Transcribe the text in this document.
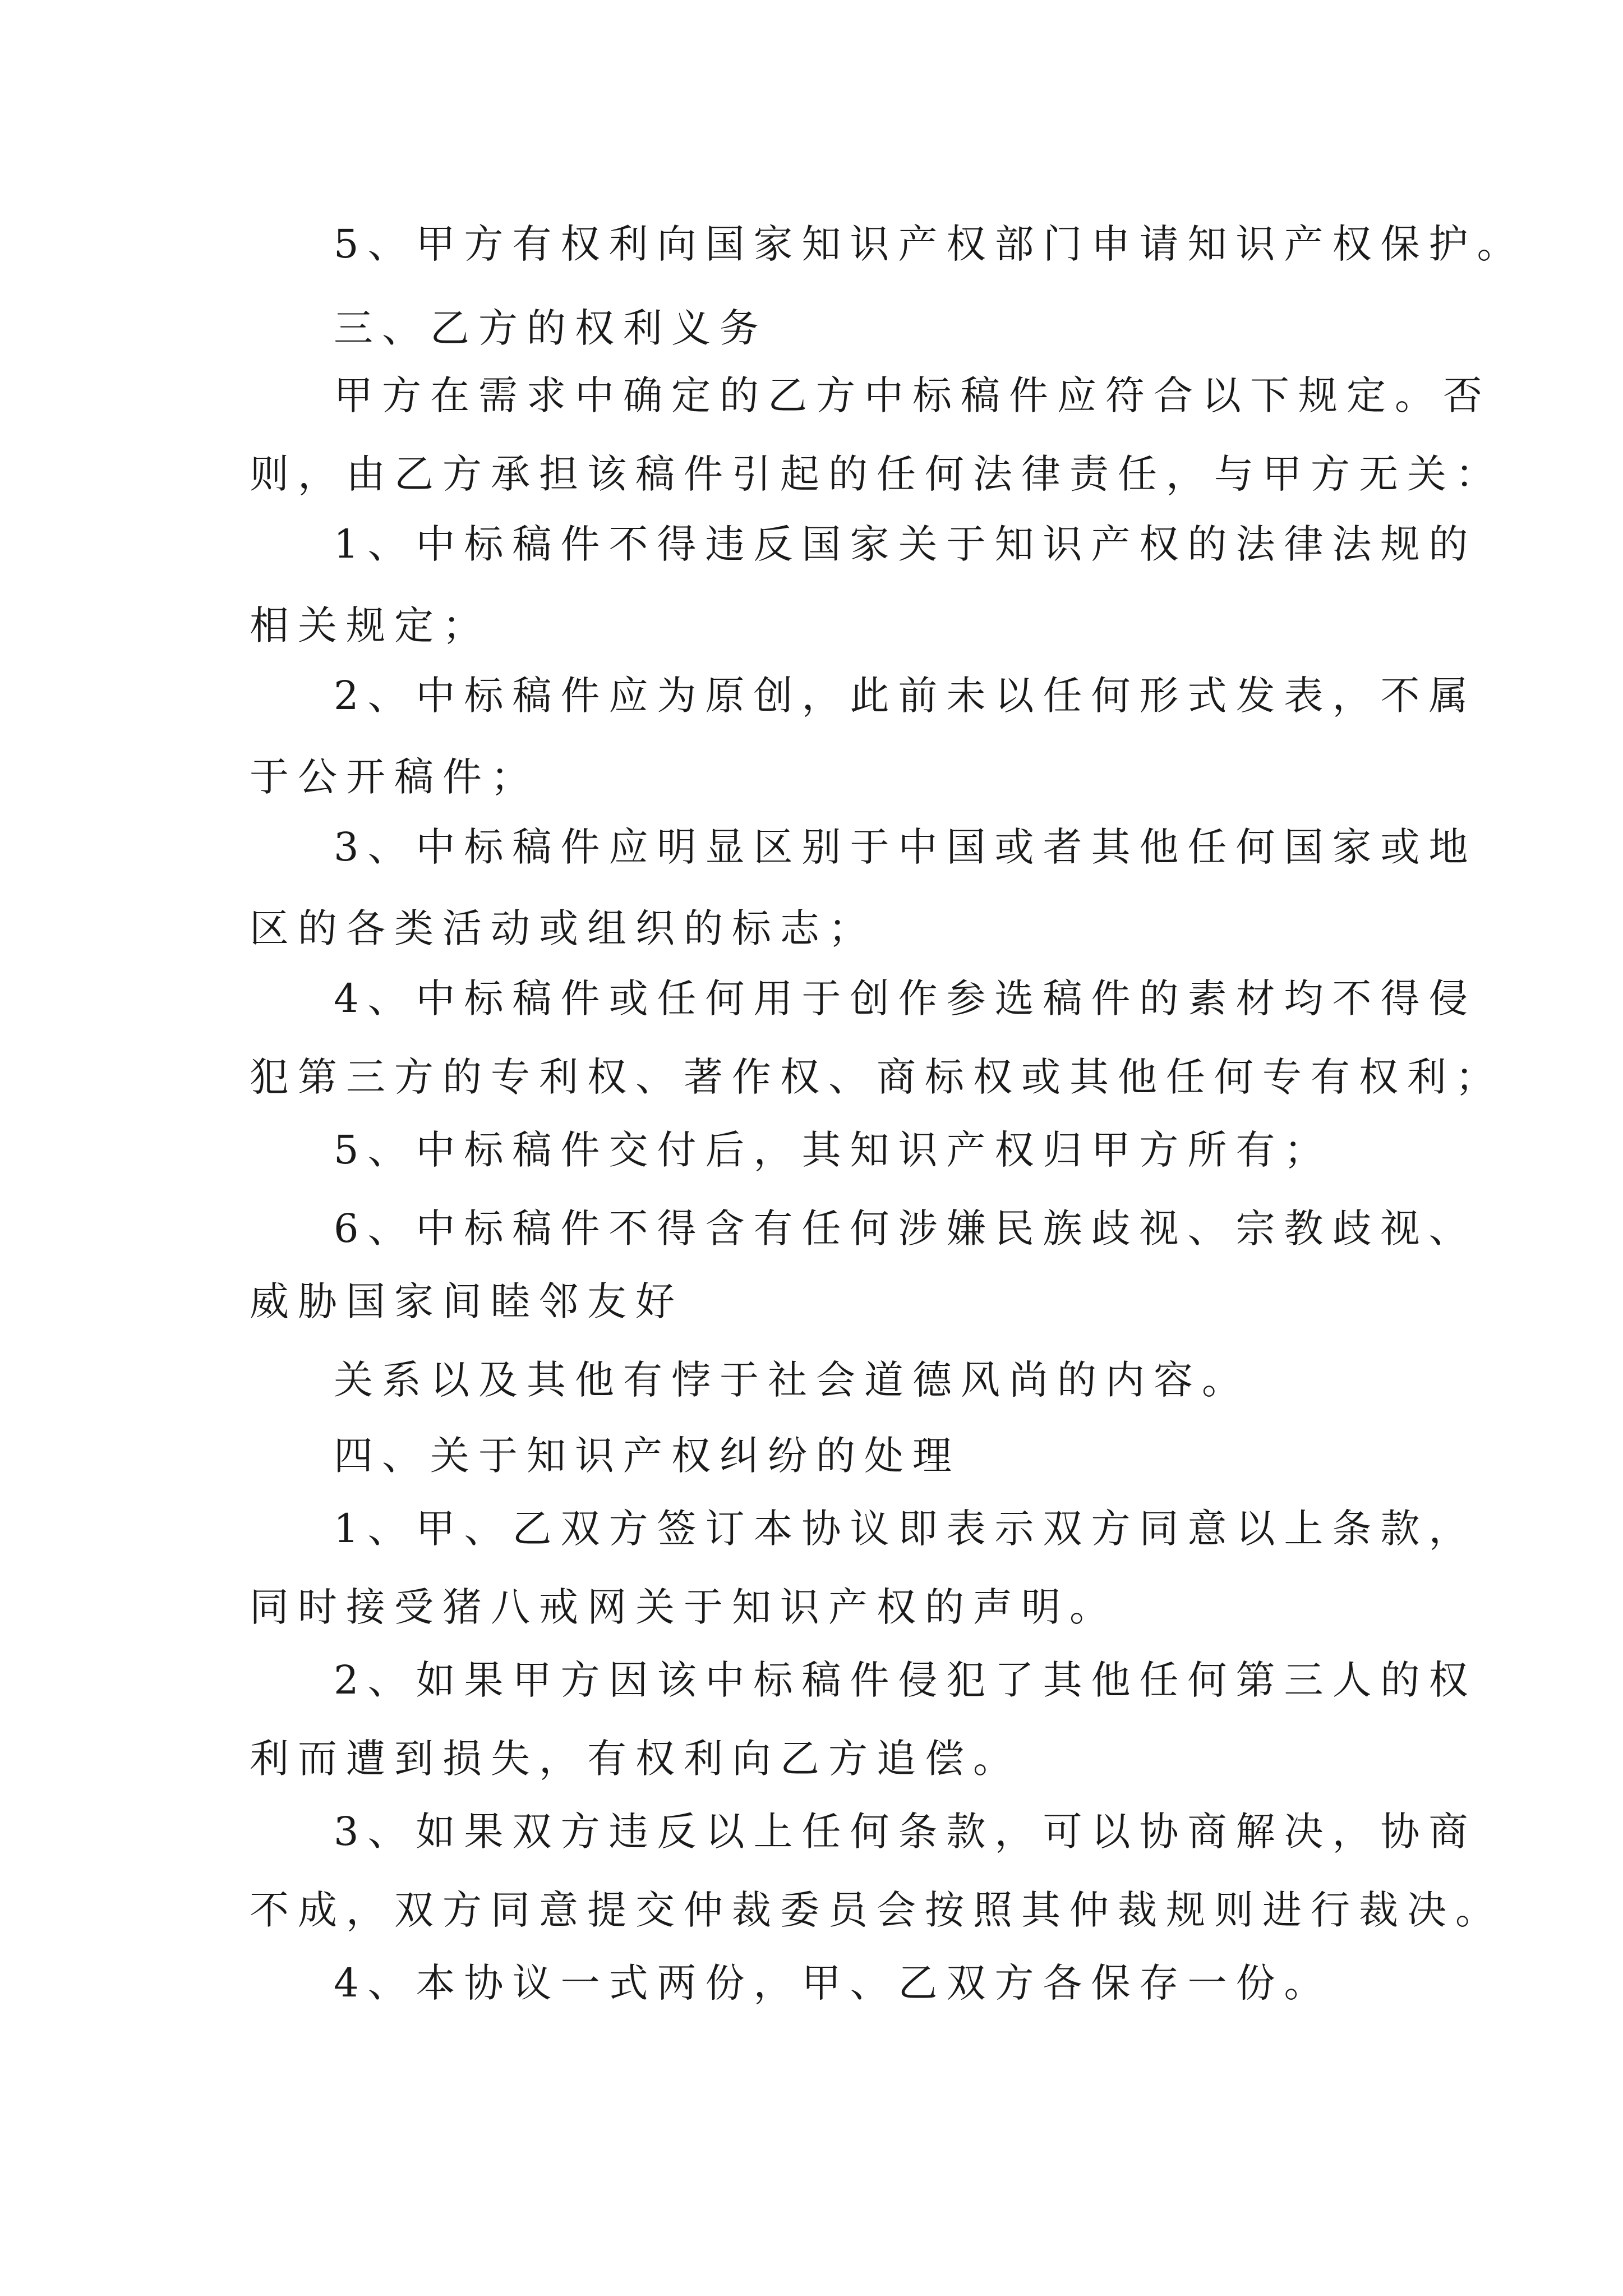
5、甲方有权利向国家知识产权部门申请知识产权保护。
三、乙方的权利义务
甲方在需求中确定的乙方中标稿件应符合以下规定。否
则，由乙方承担该稿件引起的任何法律责任，与甲方无关：
1、中标稿件不得违反国家关于知识产权的法律法规的
相关规定；
2、中标稿件应为原创，此前未以任何形式发表，不属
于公开稿件；
3、中标稿件应明显区别于中国或者其他任何国家或地
区的各类活动或组织的标志；
4、中标稿件或任何用于创作参选稿件的素材均不得侵
犯第三方的专利权、著作权、商标权或其他任何专有权利；
5、中标稿件交付后，其知识产权归甲方所有；
6、中标稿件不得含有任何涉嫌民族歧视、宗教歧视、
威胁国家间睦邻友好
关系以及其他有悖于社会道德风尚的内容。
四、关于知识产权纠纷的处理
1、甲、乙双方签订本协议即表示双方同意以上条款，
同时接受猪八戒网关于知识产权的声明。
2、如果甲方因该中标稿件侵犯了其他任何第三人的权
利而遭到损失，有权利向乙方追偿。
3、如果双方违反以上任何条款，可以协商解决，协商
不成，双方同意提交仲裁委员会按照其仲裁规则进行裁决。
4、本协议一式两份，甲、乙双方各保存一份。
